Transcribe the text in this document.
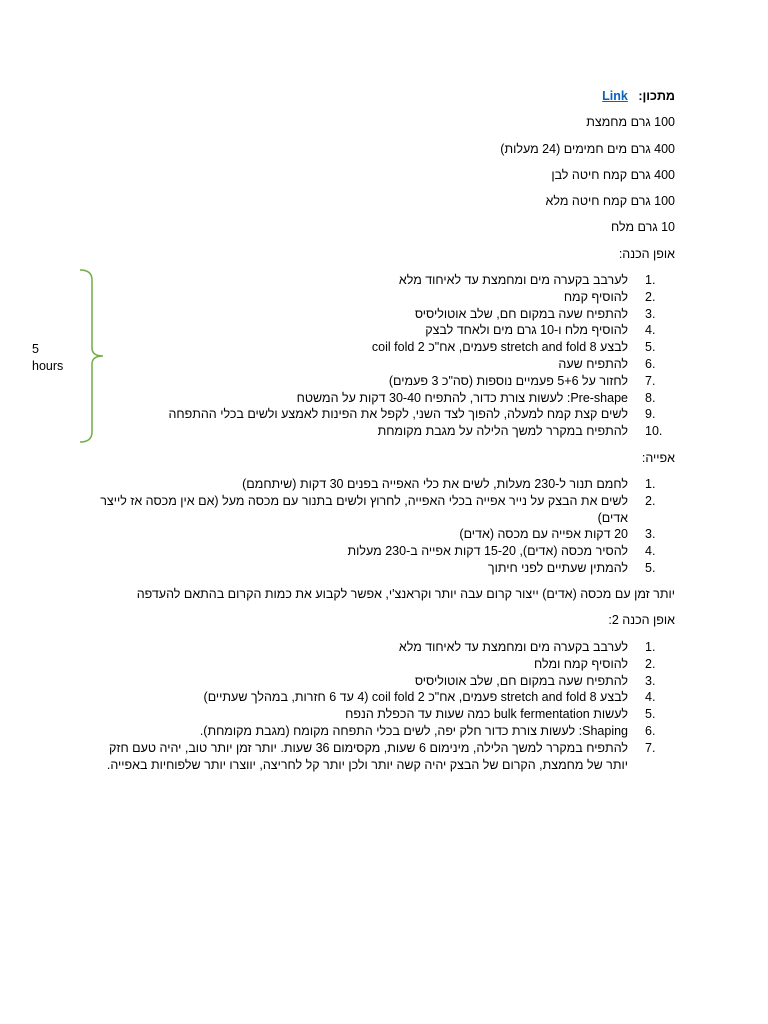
מתכון:   Link

100 גרם מחמצת

400 גרם מים חמימים (24 מעלות)

400 גרם קמח חיטה לבן

100 גרם קמח חיטה מלא

10 גרם מלח

אופן הכנה:

1.
לערבב בקערה מים ומחמצת עד לאיחוד מלא
2.
להוסיף קמח
3.
להתפיח שעה במקום חם, שלב אוטוליסיס
4.
להוסיף מלח ו-10 גרם מים ולאחד לבצק
5.
לבצע stretch and fold 8 פעמים, אח"כ coil fold 2
6.
להתפיח שעה
7.
לחזור על 5+6 פעמיים נוספות (סה"כ 3 פעמים)
8.
Pre-shape: לעשות צורת כדור, להתפיח 30-40 דקות על המשטח
9.
לשים קצת קמח למעלה, להפוך לצד השני, לקפל את הפינות לאמצע ולשים בכלי ההתפחה
10.
להתפיח במקרר למשך הלילה על מגבת מקומחת
5
hours

אפייה:

1.
לחמם תנור ל-230 מעלות, לשים את כלי האפייה בפנים 30 דקות (שיתחמם)
2.
לשים את הבצק על נייר אפייה בכלי האפייה, לחרוץ ולשים בתנור עם מכסה מעל (אם אין מכסה אז לייצר אדים)
3.
20 דקות אפייה עם מכסה (אדים)
4.
להסיר מכסה (אדים), 15-20 דקות אפייה ב-230 מעלות
5.
להמתין שעתיים לפני חיתוך

יותר זמן עם מכסה (אדים) ייצור קרום עבה יותר וקראנצ'י, אפשר לקבוע את כמות הקרום בהתאם להעדפה

אופן הכנה 2:

1.
לערבב בקערה מים ומחמצת עד לאיחוד מלא
2.
להוסיף קמח ומלח
3.
להתפיח שעה במקום חם, שלב אוטוליסיס
4.
לבצע stretch and fold 8 פעמים, אח"כ coil fold 2 (4 עד 6 חזרות, במהלך שעתיים)
5.
לעשות bulk fermentation כמה שעות עד הכפלת הנפח
6.
Shaping: לעשות צורת כדור חלק יפה, לשים בכלי התפחה מקומח (מגבת מקומחת).
7.
להתפיח במקרר למשך הלילה, מינימום 6 שעות, מקסימום 36 שעות. יותר זמן יותר טוב, יהיה טעם חזק יותר של מחמצת, הקרום של הבצק יהיה קשה יותר ולכן יותר קל לחריצה, יווצרו יותר שלפוחיות באפייה.
